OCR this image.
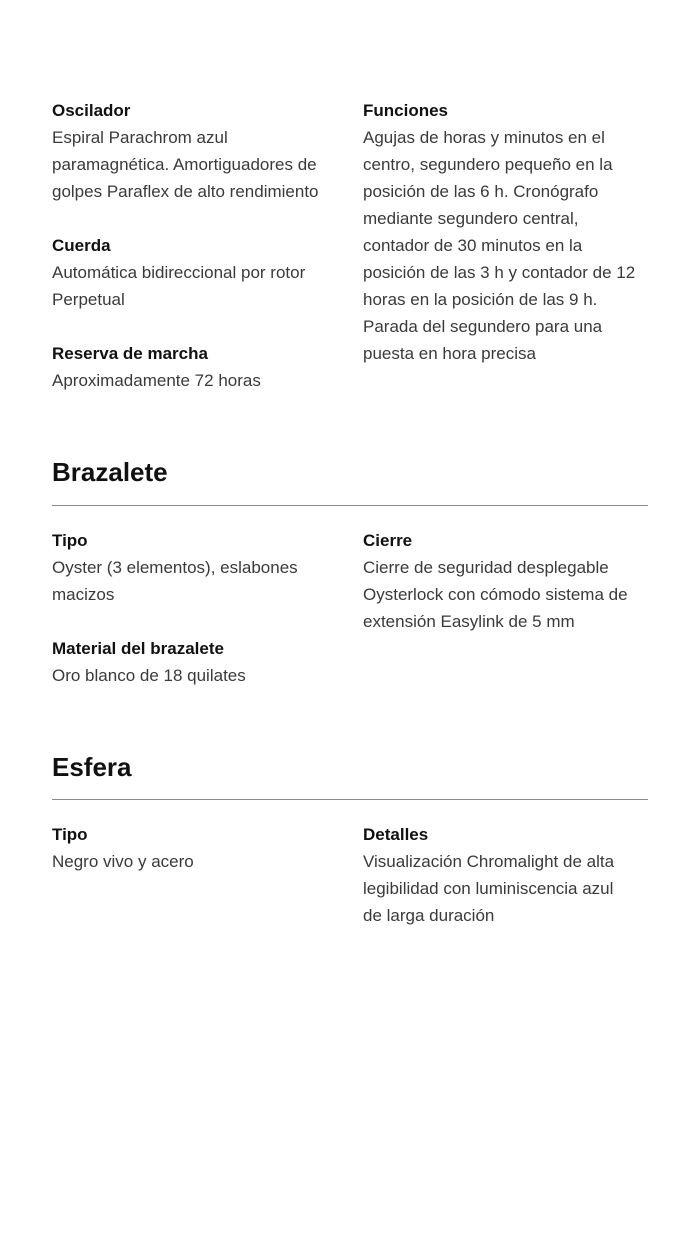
Oscilador
Espiral Parachrom azul
paramagnética. Amortiguadores de
golpes Paraflex de alto rendimiento
Cuerda
Automática bidireccional por rotor
Perpetual
Reserva de marcha
Aproximadamente 72 horas
Funciones
Agujas de horas y minutos en el
centro, segundero pequeño en la
posición de las 6 h. Cronógrafo
mediante segundero central,
contador de 30 minutos en la
posición de las 3 h y contador de 12
horas en la posición de las 9 h.
Parada del segundero para una
puesta en hora precisa
Brazalete
Tipo
Oyster (3 elementos), eslabones
macizos
Material del brazalete
Oro blanco de 18 quilates
Cierre
Cierre de seguridad desplegable
Oysterlock con cómodo sistema de
extensión Easylink de 5 mm
Esfera
Tipo
Negro vivo y acero
Detalles
Visualización Chromalight de alta
legibilidad con luminiscencia azul
de larga duración
